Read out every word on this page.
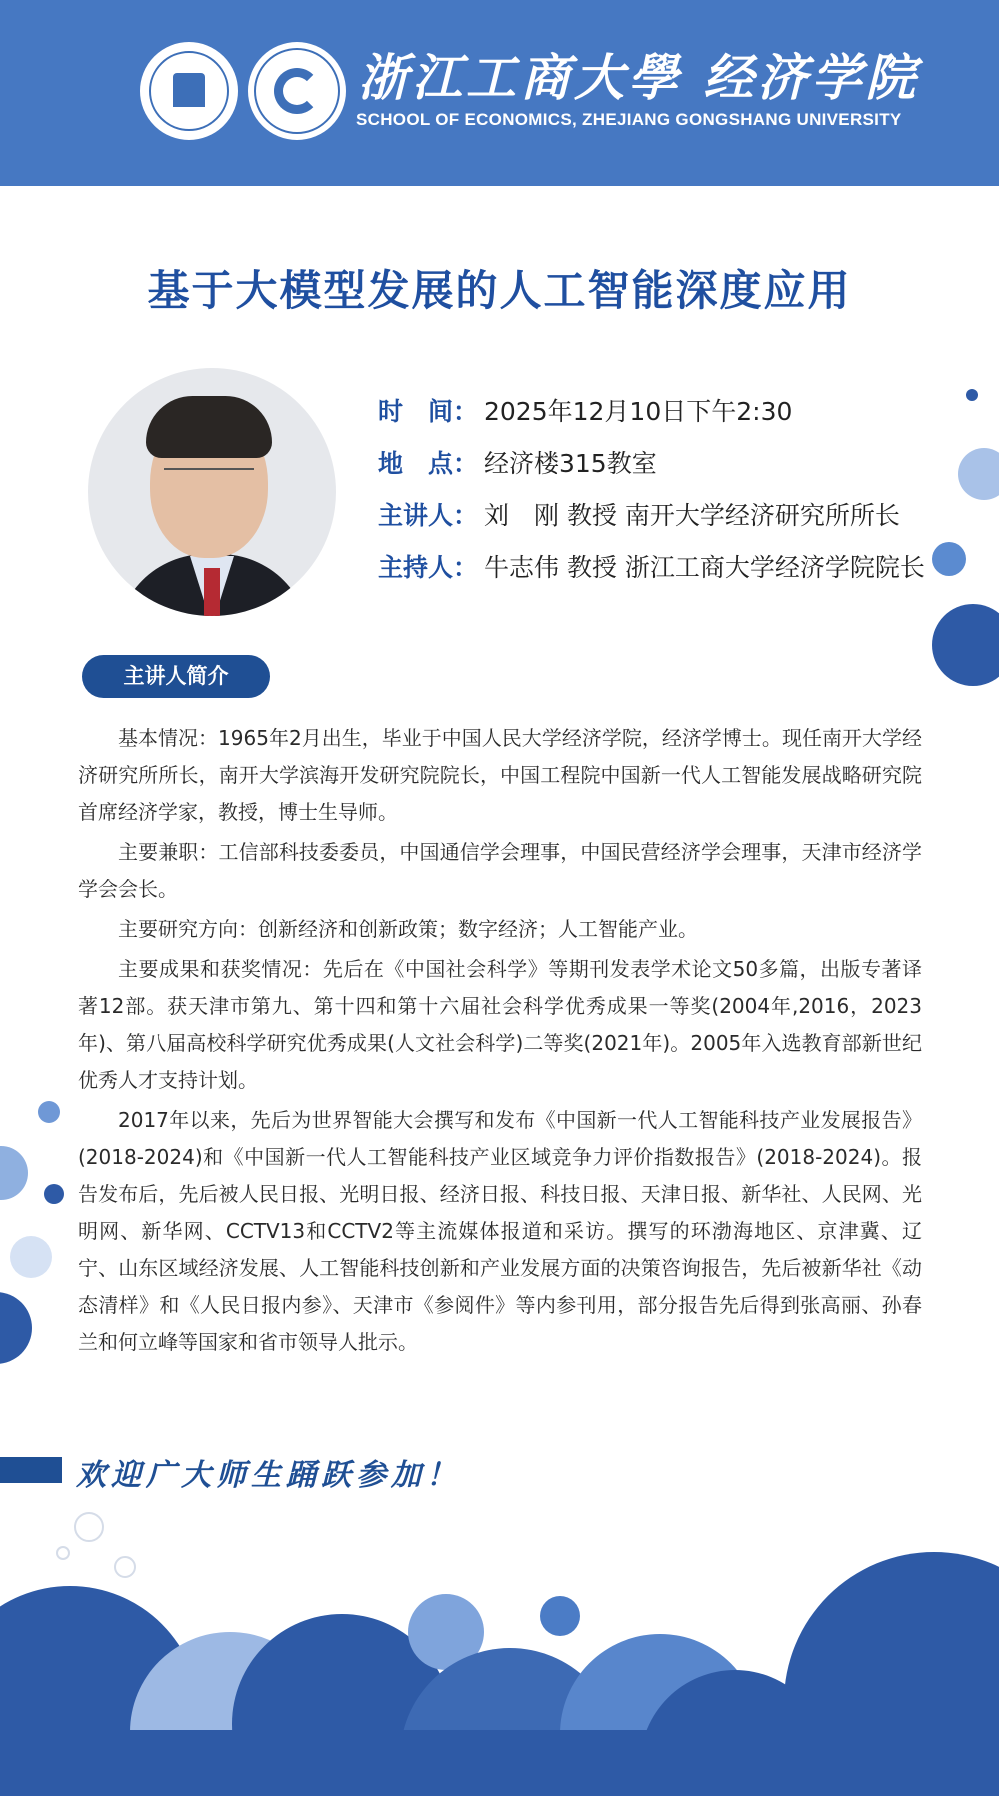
浙江工商大學 经济学院
SCHOOL OF ECONOMICS, ZHEJIANG GONGSHANG UNIVERSITY
基于大模型发展的人工智能深度应用
时　间： 2025年12月10日下午2:30
地　点： 经济楼315教室
主讲人： 刘　刚 教授 南开大学经济研究所所长
主持人： 牛志伟 教授 浙江工商大学经济学院院长
主讲人简介

基本情况：1965年2月出生，毕业于中国人民大学经济学院，经济学博士。现任南开大学经济研究所所长，南开大学滨海开发研究院院长，中国工程院中国新一代人工智能发展战略研究院首席经济学家，教授，博士生导师。

主要兼职：工信部科技委委员，中国通信学会理事，中国民营经济学会理事，天津市经济学学会会长。

主要研究方向：创新经济和创新政策；数字经济；人工智能产业。

主要成果和获奖情况：先后在《中国社会科学》等期刊发表学术论文50多篇，出版专著译著12部。获天津市第九、第十四和第十六届社会科学优秀成果一等奖(2004年,2016，2023年)、第八届高校科学研究优秀成果(人文社会科学)二等奖(2021年)。2005年入选教育部新世纪优秀人才支持计划。

2017年以来，先后为世界智能大会撰写和发布《中国新一代人工智能科技产业发展报告》(2018-2024)和《中国新一代人工智能科技产业区域竞争力评价指数报告》(2018-2024)。报告发布后，先后被人民日报、光明日报、经济日报、科技日报、天津日报、新华社、人民网、光明网、新华网、CCTV13和CCTV2等主流媒体报道和采访。撰写的环渤海地区、京津冀、辽宁、山东区域经济发展、人工智能科技创新和产业发展方面的决策咨询报告，先后被新华社《动态清样》和《人民日报内参》、天津市《参阅件》等内参刊用，部分报告先后得到张高丽、孙春兰和何立峰等国家和省市领导人批示。

欢迎广大师生踊跃参加！
